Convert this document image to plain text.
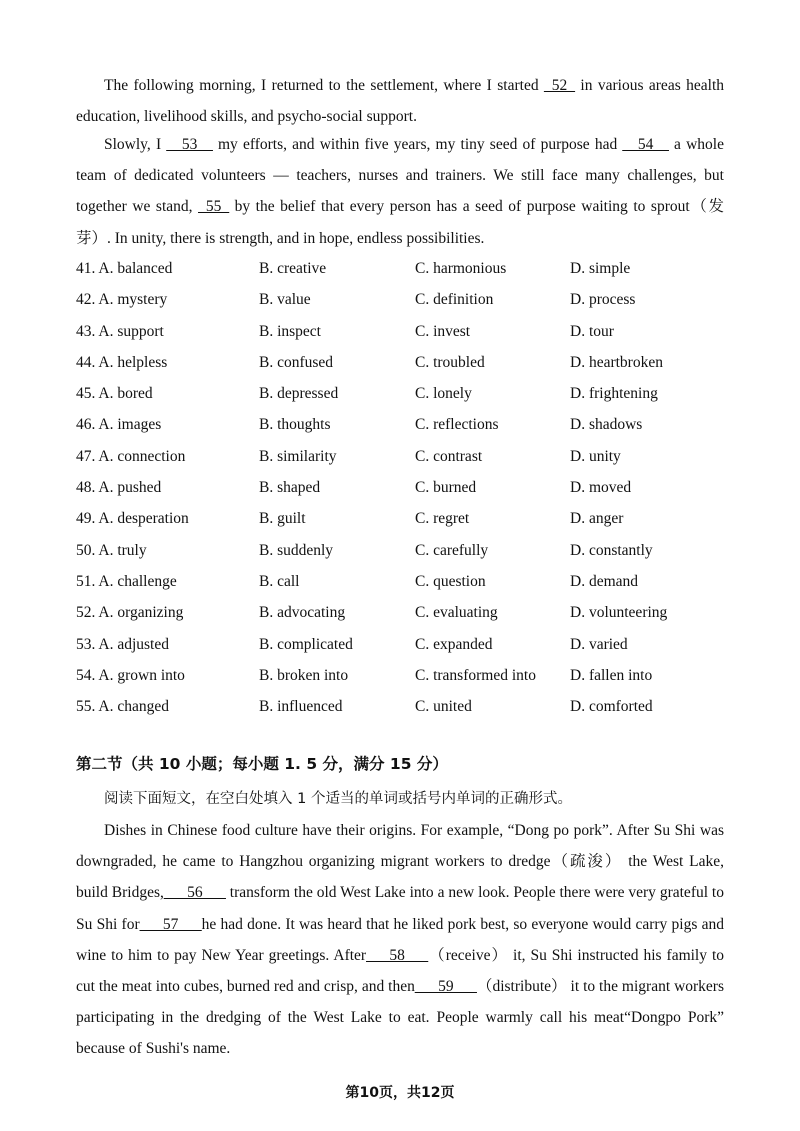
The following morning, I returned to the settlement, where I started _52_ in various areas health education, livelihood skills, and psycho-social support.

Slowly, I __53__ my efforts, and within five years, my tiny seed of purpose had __54__ a whole team of dedicated volunteers — teachers, nurses and trainers. We still face many challenges, but together we stand, _55_ by the belief that every person has a seed of purpose waiting to sprout（发芽）. In unity, there is strength, and in hope, endless possibilities.

41. A. balanced	B. creative	C. harmonious	D. simple
42. A. mystery	B. value	C. definition	D. process
43. A. support	B. inspect	C. invest	D. tour
44. A. helpless	B. confused	C. troubled	D. heartbroken
45. A. bored	B. depressed	C. lonely	D. frightening
46. A. images	B. thoughts	C. reflections	D. shadows
47. A. connection	B. similarity	C. contrast	D. unity
48. A. pushed	B. shaped	C. burned	D. moved
49. A. desperation	B. guilt	C. regret	D. anger
50. A. truly	B. suddenly	C. carefully	D. constantly
51. A. challenge	B. call	C. question	D. demand
52. A. organizing	B. advocating	C. evaluating	D. volunteering
53. A. adjusted	B. complicated	C. expanded	D. varied
54. A. grown into	B. broken into	C. transformed into D. fallen into
55. A. changed	B. influenced	C. united	D. comforted
第二节（共 10 小题；每小题 1. 5 分，满分 15 分）
阅读下面短文，在空白处填入 1 个适当的单词或括号内单词的正确形式。

Dishes in Chinese food culture have their origins. For example, “Dong po pork”. After Su Shi was downgraded, he came to Hangzhou organizing migrant workers to dredge（疏浚） the West Lake, build Bridges,___56___ transform the old West Lake into a new look. People there were very grateful to Su Shi for___57___he had done. It was heard that he liked pork best, so everyone would carry pigs and wine to him to pay New Year greetings. After___58___（receive） it, Su Shi instructed his family to cut the meat into cubes, burned red and crisp, and then___59___（distribute） it to the migrant workers participating in the dredging of the West Lake to eat. People warmly call his meat“Dongpo Pork” because of Sushi's name.

第10页，共12页
